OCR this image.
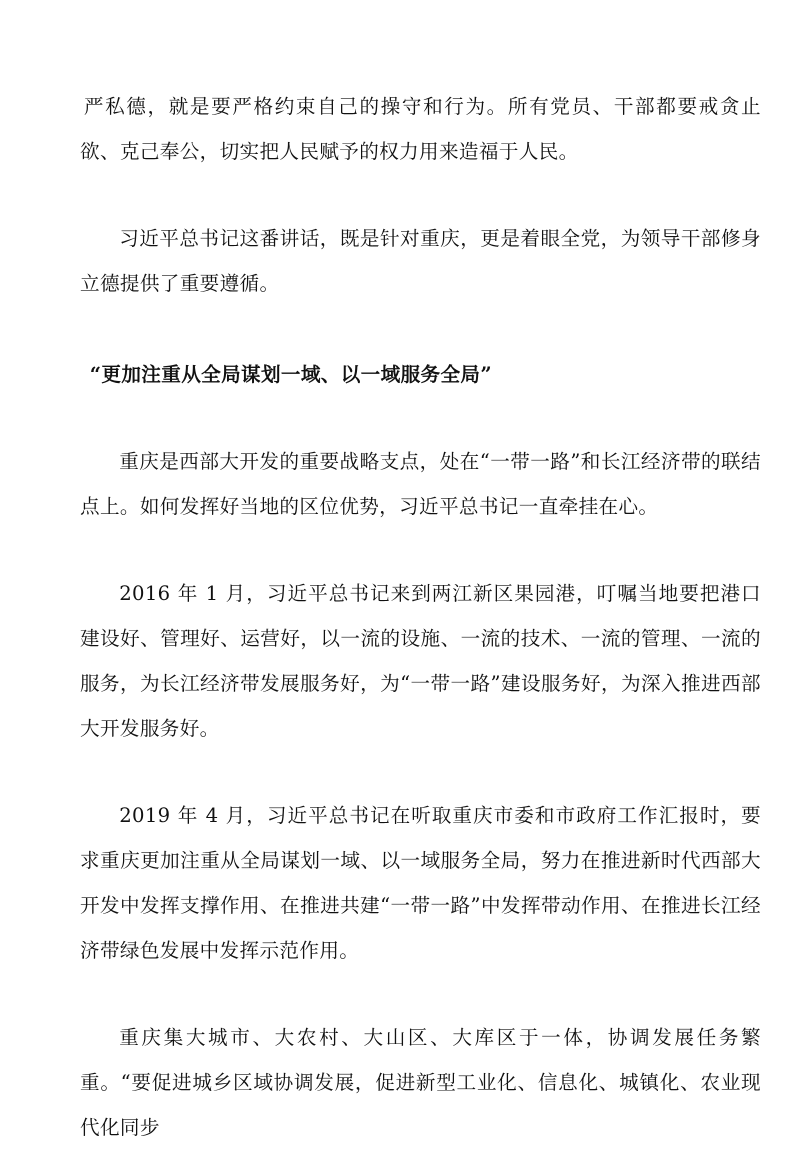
严私德，就是要严格约束自己的操守和行为。所有党员、干部都要戒贪止欲、克己奉公，切实把人民赋予的权力用来造福于人民。

习近平总书记这番讲话，既是针对重庆，更是着眼全党，为领导干部修身立德提供了重要遵循。

“更加注重从全局谋划一域、以一域服务全局”

重庆是西部大开发的重要战略支点，处在“一带一路”和长江经济带的联结点上。如何发挥好当地的区位优势，习近平总书记一直牵挂在心。

2016 年 1 月，习近平总书记来到两江新区果园港，叮嘱当地要把港口建设好、管理好、运营好，以一流的设施、一流的技术、一流的管理、一流的服务，为长江经济带发展服务好，为“一带一路”建设服务好，为深入推进西部大开发服务好。

2019 年 4 月，习近平总书记在听取重庆市委和市政府工作汇报时，要求重庆更加注重从全局谋划一域、以一域服务全局，努力在推进新时代西部大开发中发挥支撑作用、在推进共建“一带一路”中发挥带动作用、在推进长江经济带绿色发展中发挥示范作用。

重庆集大城市、大农村、大山区、大库区于一体，协调发展任务繁重。“要促进城乡区域协调发展，促进新型工业化、信息化、城镇化、农业现代化同步
